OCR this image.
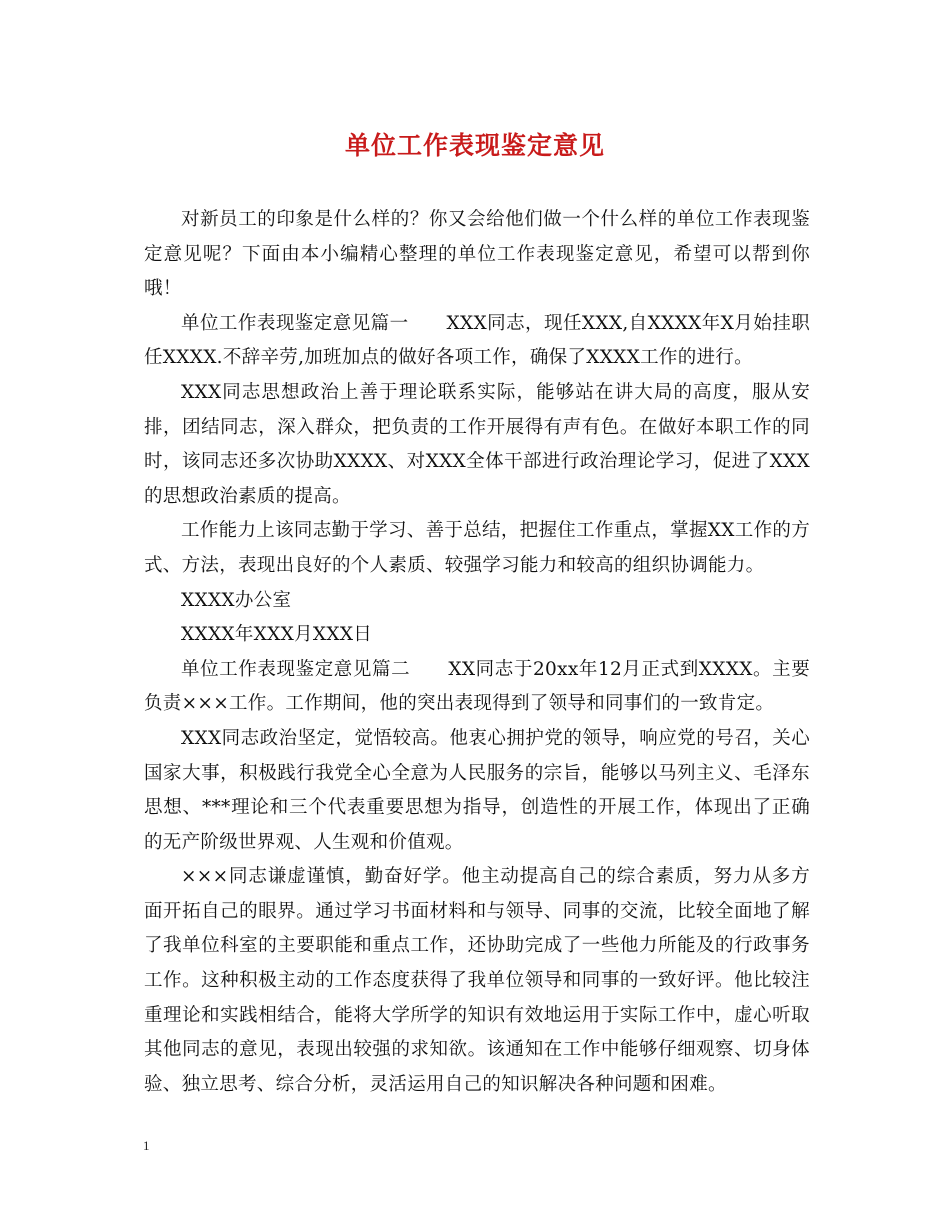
单位工作表现鉴定意见

对新员工的印象是什么样的？你又会给他们做一个什么样的单位工作表现鉴定意见呢？下面由本小编精心整理的单位工作表现鉴定意见，希望可以帮到你哦！

单位工作表现鉴定意见篇一　　XXX同志，现任XXX,自XXXX年X月始挂职任XXXX.不辞辛劳,加班加点的做好各项工作，确保了XXXX工作的进行。

XXX同志思想政治上善于理论联系实际，能够站在讲大局的高度，服从安排，团结同志，深入群众，把负责的工作开展得有声有色。在做好本职工作的同时，该同志还多次协助XXXX、对XXX全体干部进行政治理论学习，促进了XXX的思想政治素质的提高。

工作能力上该同志勤于学习、善于总结，把握住工作重点，掌握XX工作的方式、方法，表现出良好的个人素质、较强学习能力和较高的组织协调能力。

XXXX办公室

XXXX年XXX月XXX日

单位工作表现鉴定意见篇二　　XX同志于20xx年12月正式到XXXX。主要负责×××工作。工作期间，他的突出表现得到了领导和同事们的一致肯定。

XXX同志政治坚定，觉悟较高。他衷心拥护党的领导，响应党的号召，关心国家大事，积极践行我党全心全意为人民服务的宗旨，能够以马列主义、毛泽东思想、***理论和三个代表重要思想为指导，创造性的开展工作，体现出了正确的无产阶级世界观、人生观和价值观。

×××同志谦虚谨慎，勤奋好学。他主动提高自己的综合素质，努力从多方面开拓自己的眼界。通过学习书面材料和与领导、同事的交流，比较全面地了解了我单位科室的主要职能和重点工作，还协助完成了一些他力所能及的行政事务工作。这种积极主动的工作态度获得了我单位领导和同事的一致好评。他比较注重理论和实践相结合，能将大学所学的知识有效地运用于实际工作中，虚心听取其他同志的意见，表现出较强的求知欲。该通知在工作中能够仔细观察、切身体验、独立思考、综合分析，灵活运用自己的知识解决各种问题和困难。

1
